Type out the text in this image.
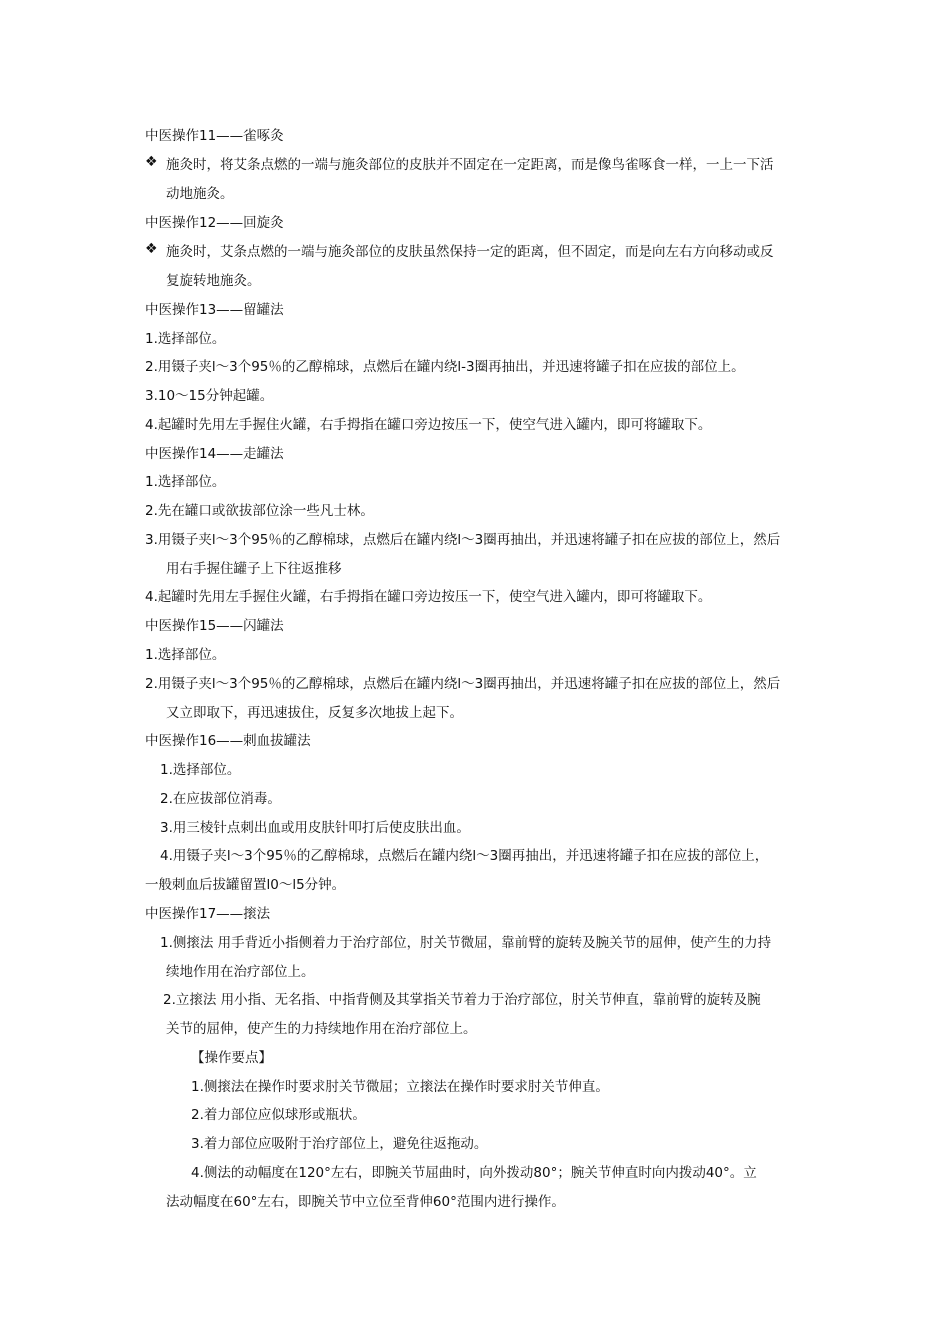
中医操作11——雀啄灸
❖ 施灸时，将艾条点燃的一端与施灸部位的皮肤并不固定在一定距离，而是像鸟雀啄食一样，一上一下活
动地施灸。
中医操作12——回旋灸
❖ 施灸时，艾条点燃的一端与施灸部位的皮肤虽然保持一定的距离，但不固定，而是向左右方向移动或反
复旋转地施灸。
中医操作13——留罐法
1.选择部位。
2.用镊子夹l～3个95％的乙醇棉球，点燃后在罐内绕l-3圈再抽出，并迅速将罐子扣在应拔的部位上。
3.10～15分钟起罐。
4.起罐时先用左手握住火罐，右手拇指在罐口旁边按压一下，使空气进入罐内，即可将罐取下。
中医操作14——走罐法
1.选择部位。
2.先在罐口或欲拔部位涂一些凡士林。
3.用镊子夹l～3个95％的乙醇棉球，点燃后在罐内绕l～3圈再抽出，并迅速将罐子扣在应拔的部位上，然后
用右手握住罐子上下往返推移
4.起罐时先用左手握住火罐，右手拇指在罐口旁边按压一下，使空气进入罐内，即可将罐取下。
中医操作15——闪罐法
1.选择部位。
2.用镊子夹l～3个95％的乙醇棉球，点燃后在罐内绕l～3圈再抽出，并迅速将罐子扣在应拔的部位上，然后
又立即取下，再迅速拔住，反复多次地拔上起下。
中医操作16——刺血拔罐法
1.选择部位。
2.在应拔部位消毒。
3.用三棱针点刺出血或用皮肤针叩打后使皮肤出血。
4.用镊子夹l～3个95％的乙醇棉球，点燃后在罐内绕l～3圈再抽出，并迅速将罐子扣在应拔的部位上，
一般刺血后拔罐留置l0～l5分钟。
中医操作17——㨰法
1.侧㨰法 用手背近小指侧着力于治疗部位，肘关节微屈，靠前臂的旋转及腕关节的屈伸，使产生的力持
续地作用在治疗部位上。
2.立㨰法 用小指、无名指、中指背侧及其掌指关节着力于治疗部位，肘关节伸直，靠前臂的旋转及腕
关节的屈伸，使产生的力持续地作用在治疗部位上。
【操作要点】
1.侧㨰法在操作时要求肘关节微屈；立㨰法在操作时要求肘关节伸直。
2.着力部位应似球形或瓶状。
3.着力部位应吸附于治疗部位上，避免往返拖动。
4.侧法的动幅度在120°左右，即腕关节屈曲时，向外拨动80°；腕关节伸直时向内拨动40°。立
法动幅度在60°左右，即腕关节中立位至背伸60°范围内进行操作。
